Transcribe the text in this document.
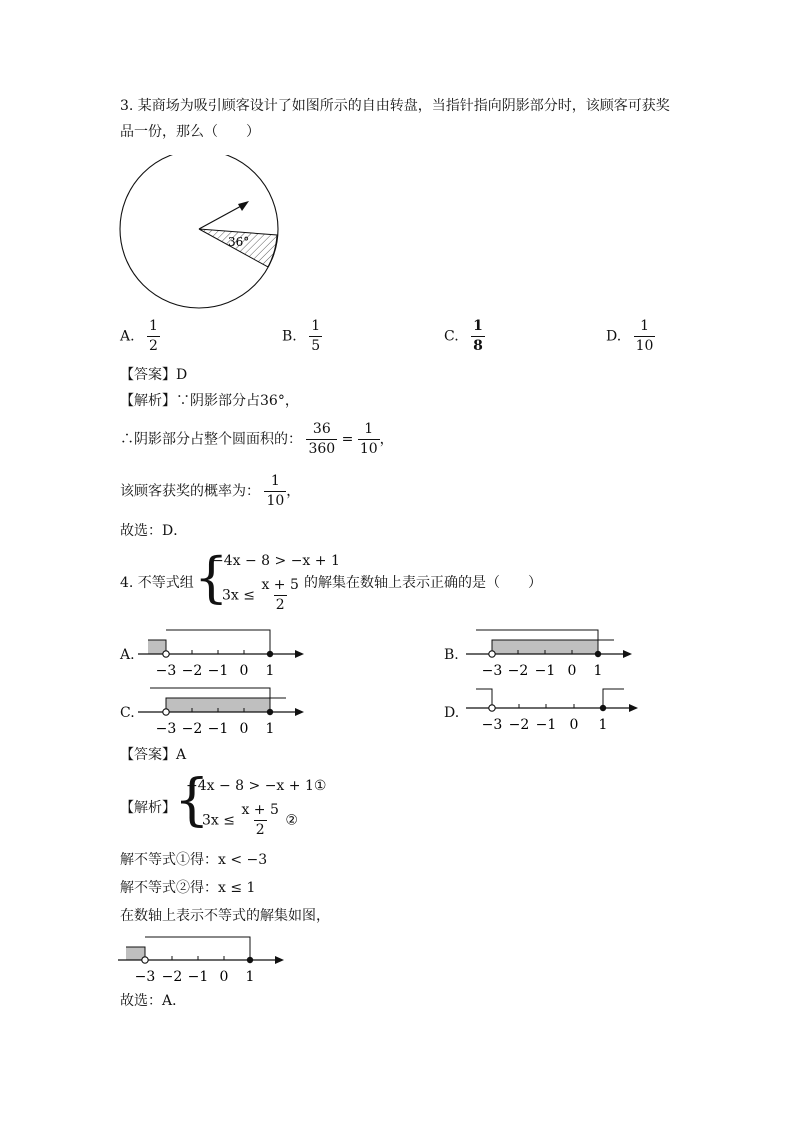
3. 某商场为吸引顾客设计了如图所示的自由转盘，当指针指向阴影部分时，该顾客可获奖
品一份，那么（　　）
36°
A. $\frac{1}{2}$	B. $\frac{1}{5}$	C. $\frac{1}{8}$	D. $\frac{1}{10}$
【答案】D
【解析】∵阴影部分占36°，
∴阴影部分占整个圆面积的： $\frac{36}{360} = \frac{1}{10}$ ，
该顾客获奖的概率为： $\frac{1}{10}$ ，
故选：D．
4. 不等式组 {
−4x − 8 > −x + 1
$3x \le \frac{x + 5}{2}$ 的解集在数轴上表示正确的是（　　）
A.
−3 −2 −1 0 1
B.
−3 −2 −1 0 1
C.
−3 −2 −1 0 1
D.
−3 −2 −1 0 1
【答案】A
【解析】
{
−4x − 8 > −x + 1①
$3x \le \frac{x + 5}{2}$ ②
解不等式①得：x < −3
解不等式②得：x ≤ 1
在数轴上表示不等式的解集如图，
−3 −2 −1 0 1
故选：A．
